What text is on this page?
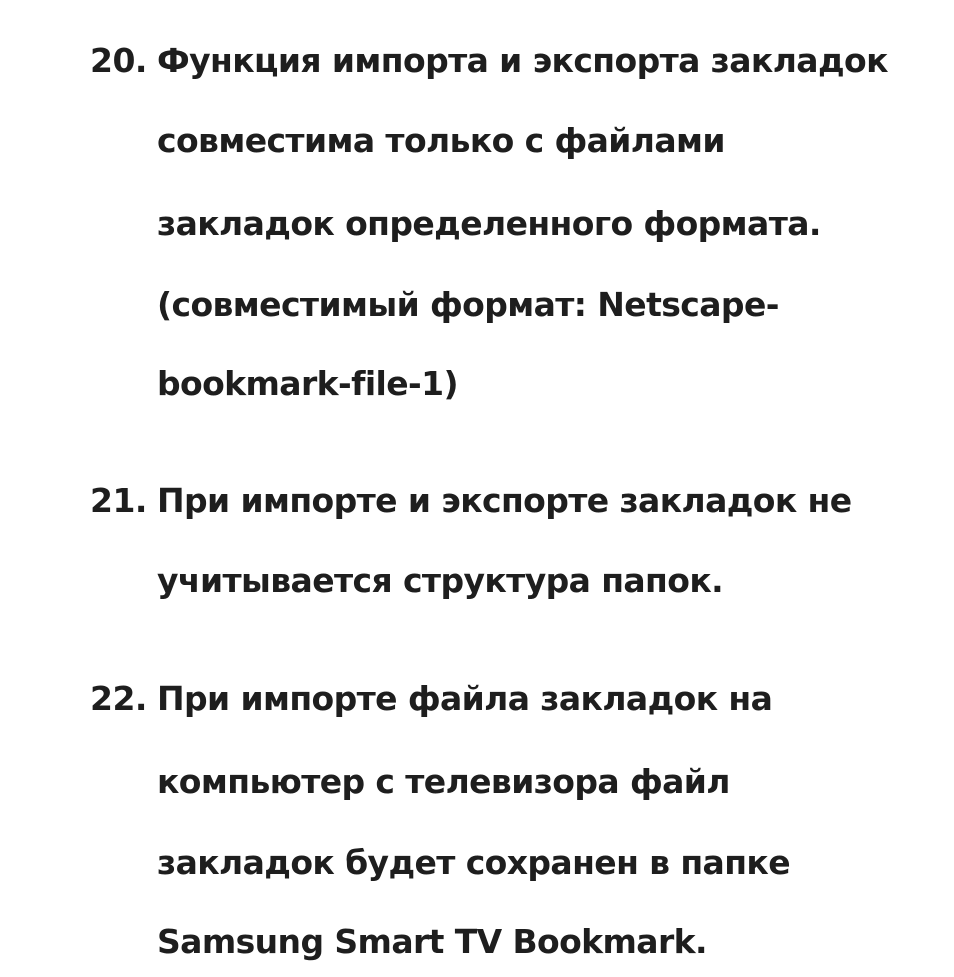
20. Функция импорта и экспорта закладок
совместима только с файлами
закладок определенного формата.
(совместимый формат: Netscape-
bookmark-file-1)
21. При импорте и экспорте закладок не
учитывается структура папок.
22. При импорте файла закладок на
компьютер с телевизора файл
закладок будет сохранен в папке
Samsung Smart TV Bookmark.
